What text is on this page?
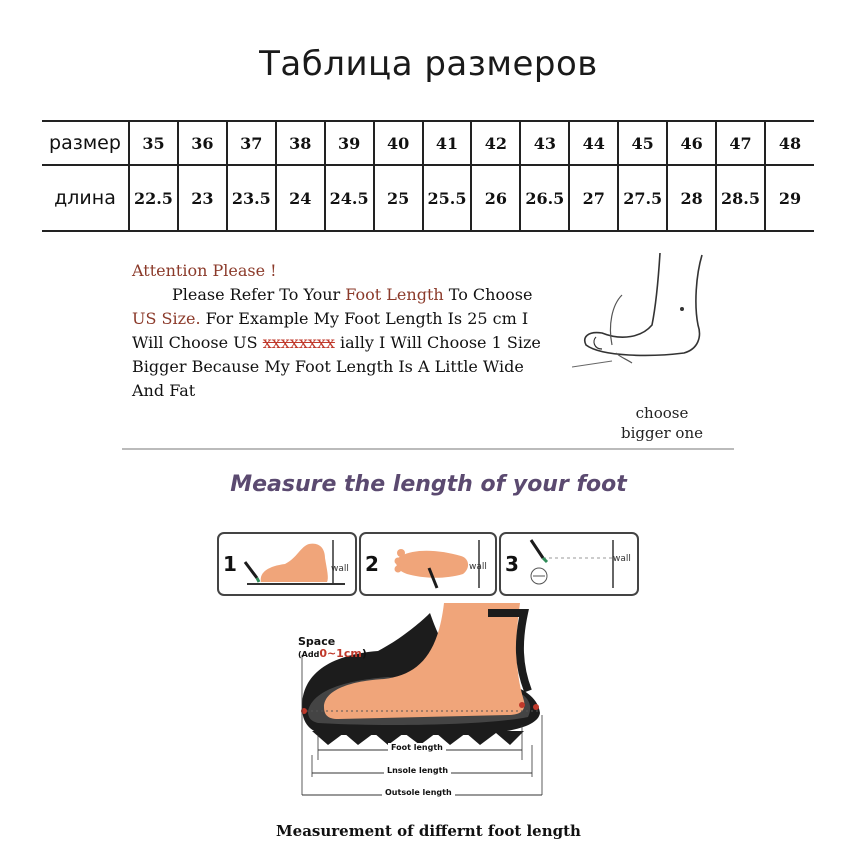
Таблица размеров
размер	35	36	37	38	39	40	41	42	43	44	45	46	47	48
длина	22.5	23	23.5	24	24.5	25	25.5	26	26.5	27	27.5	28	28.5	29
Attention Please !
Please Refer To Your Foot Length To Choose
US Size. For Example My Foot Length Is 25 cm I
Will Choose US xxxxxxxx ially I Will Choose 1 Size
Bigger Because My Foot Length Is A Little Wide
And Fat
choose
bigger one
Measure the length of your foot
1	wall 2	wall 3	wall
Space
(Add0~1cm)
Foot length
Lnsole length
Outsole length
Measurement of differnt foot length
